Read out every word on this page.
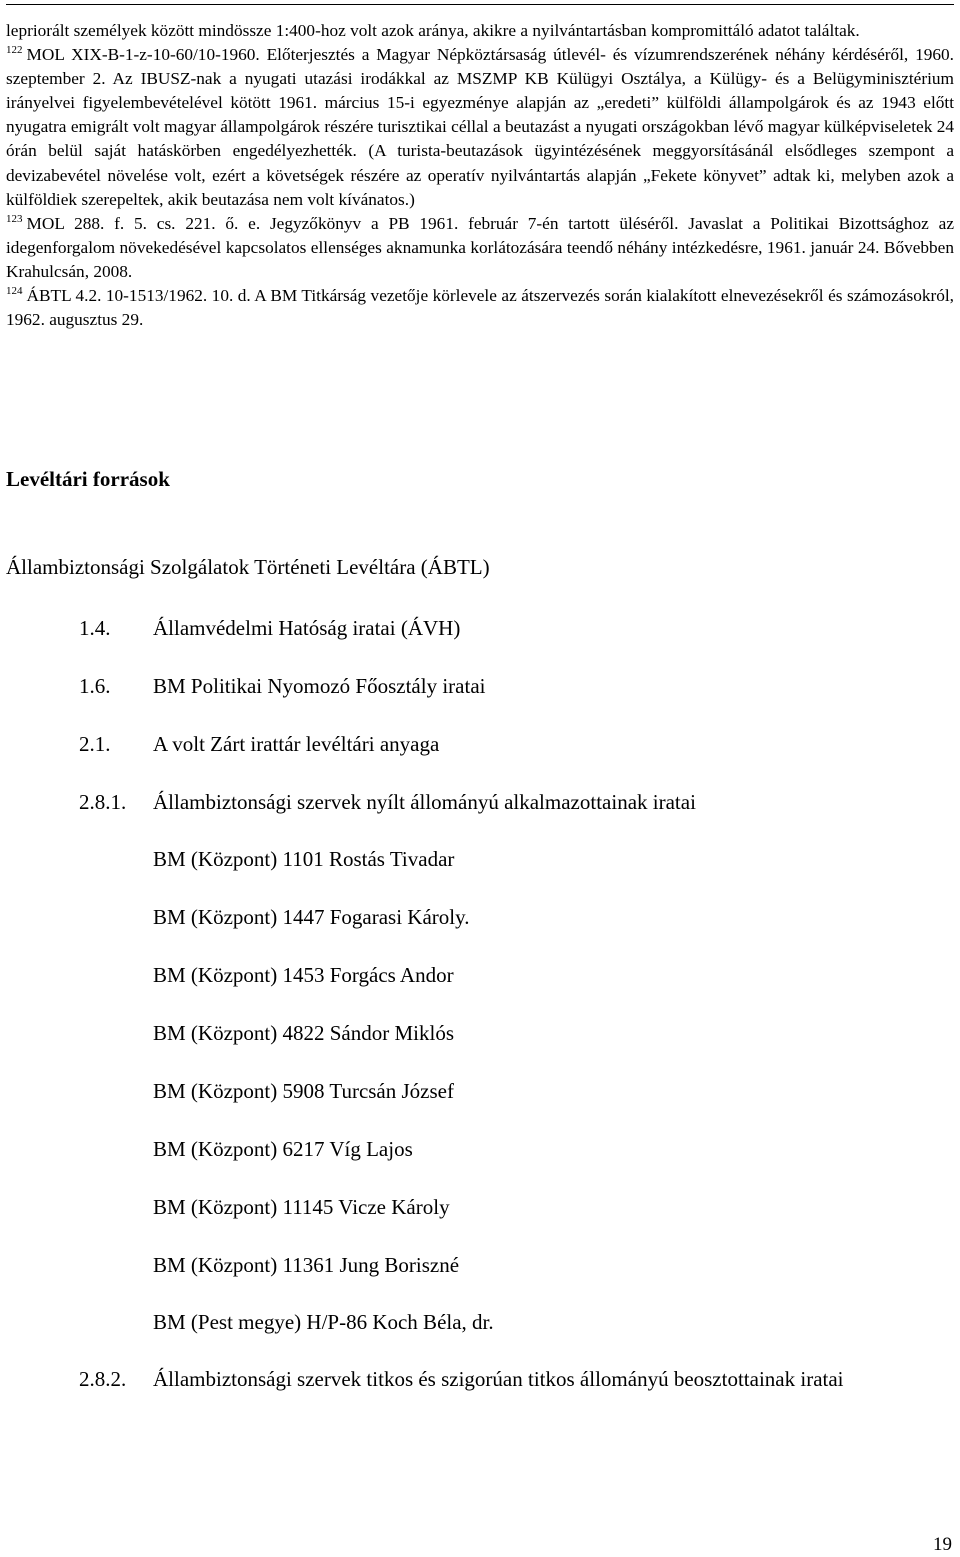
lepriorált személyek között mindössze 1:400-hoz volt azok aránya, akikre a nyilvántartásban kompromittáló adatot találtak.

$^{122}$ MOL XIX-B-1-z-10-60/10-1960. Előterjesztés a Magyar Népköztársaság útlevél- és vízumrendszerének néhány kérdéséről, 1960. szeptember 2. Az IBUSZ-nak a nyugati utazási irodákkal az MSZMP KB Külügyi Osztálya, a Külügy- és a Belügyminisztérium irányelvei figyelembevételével kötött 1961. március 15-i egyezménye alapján az „eredeti” külföldi állampolgárok és az 1943 előtt nyugatra emigrált volt magyar állampolgárok részére turisztikai céllal a beutazást a nyugati országokban lévő magyar külképviseletek 24 órán belül saját hatáskörben engedélyezhették. (A turista-beutazások ügyintézésének meggyorsításánál elsődleges szempont a devizabevétel növelése volt, ezért a követségek részére az operatív nyilvántartás alapján „Fekete könyvet” adtak ki, melyben azok a külföldiek szerepeltek, akik beutazása nem volt kívánatos.)

$^{123}$ MOL 288. f. 5. cs. 221. ő. e. Jegyzőkönyv a PB 1961. február 7-én tartott üléséről. Javaslat a Politikai Bizottsághoz az idegenforgalom növekedésével kapcsolatos ellenséges aknamunka korlátozására teendő néhány intézkedésre, 1961. január 24. Bővebben Krahulcsán, 2008.

$^{124}$ ÁBTL 4.2. 10-1513/1962. 10. d. A BM Titkárság vezetője körlevele az átszervezés során kialakított elnevezésekről és számozásokról, 1962. augusztus 29.

Levéltári források
Állambiztonsági Szolgálatok Történeti Levéltára (ÁBTL)
1.4. Államvédelmi Hatóság iratai (ÁVH)
1.6. BM Politikai Nyomozó Főosztály iratai
2.1. A volt Zárt irattár levéltári anyaga
2.8.1. Állambiztonsági szervek nyílt állományú alkalmazottainak iratai
BM (Központ) 1101 Rostás Tivadar
BM (Központ) 1447 Fogarasi Károly.
BM (Központ) 1453 Forgács Andor
BM (Központ) 4822 Sándor Miklós
BM (Központ) 5908 Turcsán József
BM (Központ) 6217 Víg Lajos
BM (Központ) 11145 Vicze Károly
BM (Központ) 11361 Jung Boriszné
BM (Pest megye) H/P-86 Koch Béla, dr.
2.8.2. Állambiztonsági szervek titkos és szigorúan titkos állományú beosztottainak iratai
19
